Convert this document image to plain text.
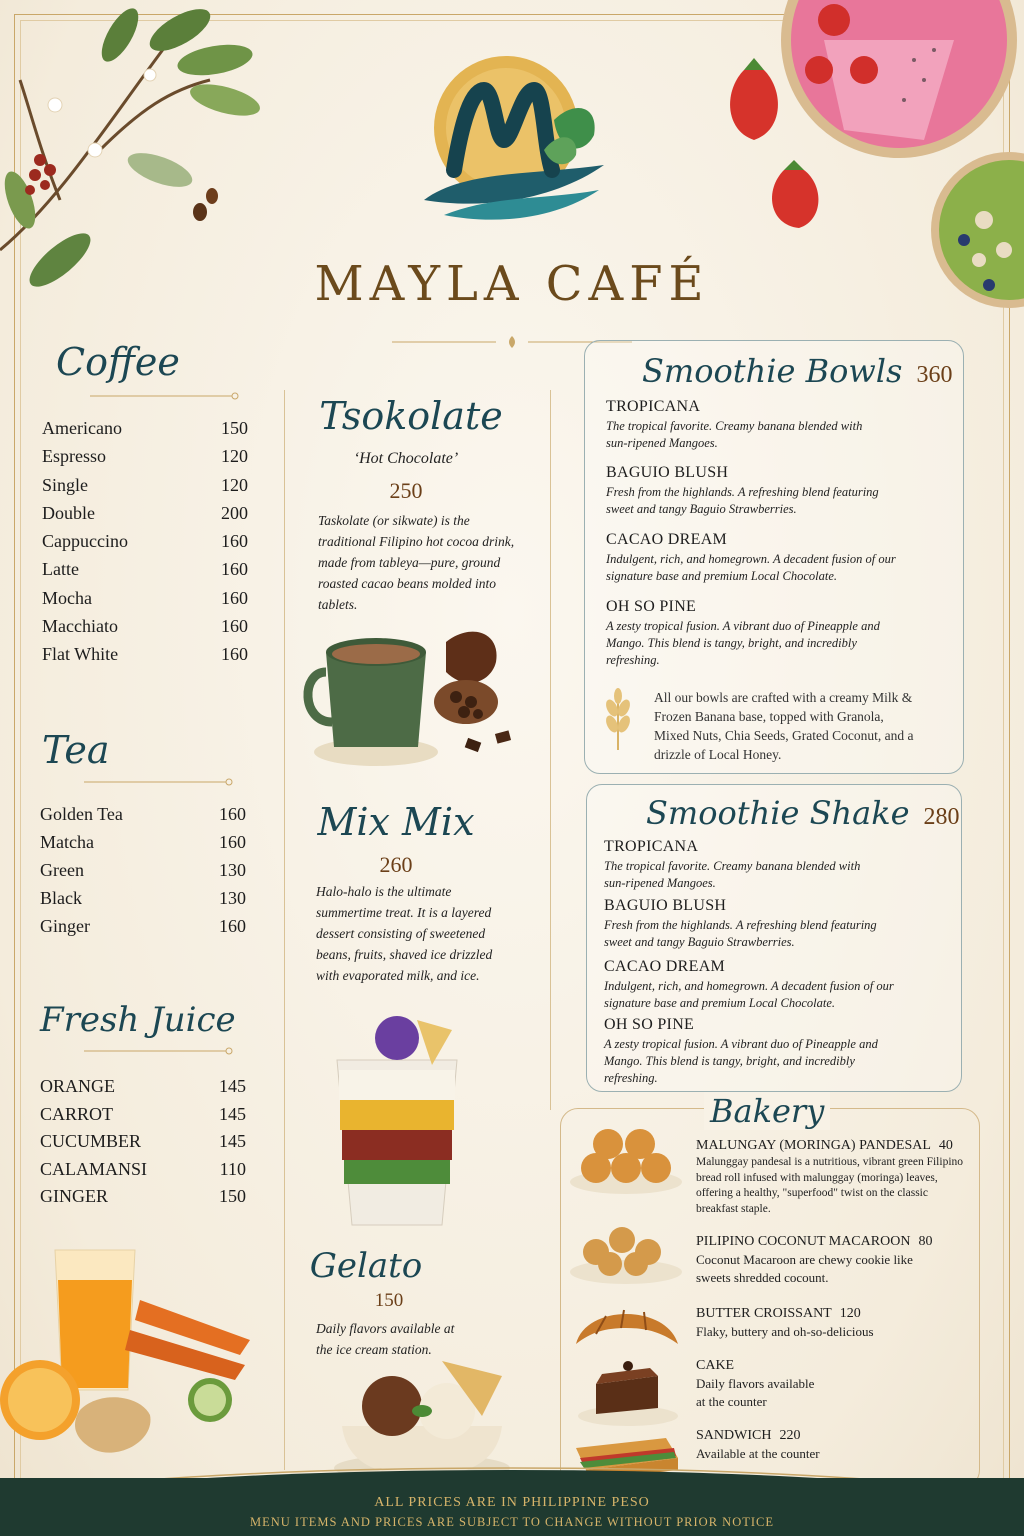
MAYLA CAFÉ
Coffee
Americano	150
Espresso	120
Single	120
Double	200
Cappuccino	160
Latte	160
Mocha	160
Macchiato	160
Flat White	160
Tea
Golden Tea	160
Matcha	160
Green	130
Black	130
Ginger	160
Fresh Juice
ORANGE	145
CARROT	145
CUCUMBER	145
CALAMANSI	110
GINGER	150
Tsokolate
‘Hot Chocolate’
250
Taskolate (or sikwate) is the traditional Filipino hot cocoa drink, made from tableya—pure, ground roasted cacao beans molded into tablets.
Mix Mix
260
Halo-halo is the ultimate summertime treat. It is a layered dessert consisting of sweetened beans, fruits, shaved ice drizzled with evaporated milk, and ice.
Gelato
150
Daily flavors available at the ice cream station.
Smoothie Bowls 360
TROPICANA
The tropical favorite. Creamy banana blended with sun-ripened Mangoes.
BAGUIO BLUSH
Fresh from the highlands. A refreshing blend featuring sweet and tangy Baguio Strawberries.
CACAO DREAM
Indulgent, rich, and homegrown. A decadent fusion of our signature base and premium Local Chocolate.
OH SO PINE
A zesty tropical fusion. A vibrant duo of Pineapple and Mango. This blend is tangy, bright, and incredibly refreshing.
All our bowls are crafted with a creamy Milk & Frozen Banana base, topped with Granola, Mixed Nuts, Chia Seeds, Grated Coconut, and a drizzle of Local Honey.
Smoothie Shake 280
TROPICANA
The tropical favorite. Creamy banana blended with sun-ripened Mangoes.
BAGUIO BLUSH
Fresh from the highlands. A refreshing blend featuring sweet and tangy Baguio Strawberries.
CACAO DREAM
Indulgent, rich, and homegrown. A decadent fusion of our signature base and premium Local Chocolate.
OH SO PINE
A zesty tropical fusion. A vibrant duo of Pineapple and Mango. This blend is tangy, bright, and incredibly refreshing.
Bakery
MALUNGAY (MORINGA) PANDESAL 40
Malunggay pandesal is a nutritious, vibrant green Filipino bread roll infused with malunggay (moringa) leaves, offering a healthy, "superfood" twist on the classic breakfast staple.
PILIPINO COCONUT MACAROON 80
Coconut Macaroon are chewy cookie like sweets shredded cocount.
BUTTER CROISSANT 120
Flaky, buttery and oh-so-delicious
CAKE
Daily flavors available at the counter
SANDWICH 220
Available at the counter
ALL PRICES ARE IN PHILIPPINE PESO
MENU ITEMS AND PRICES ARE SUBJECT TO CHANGE WITHOUT PRIOR NOTICE
